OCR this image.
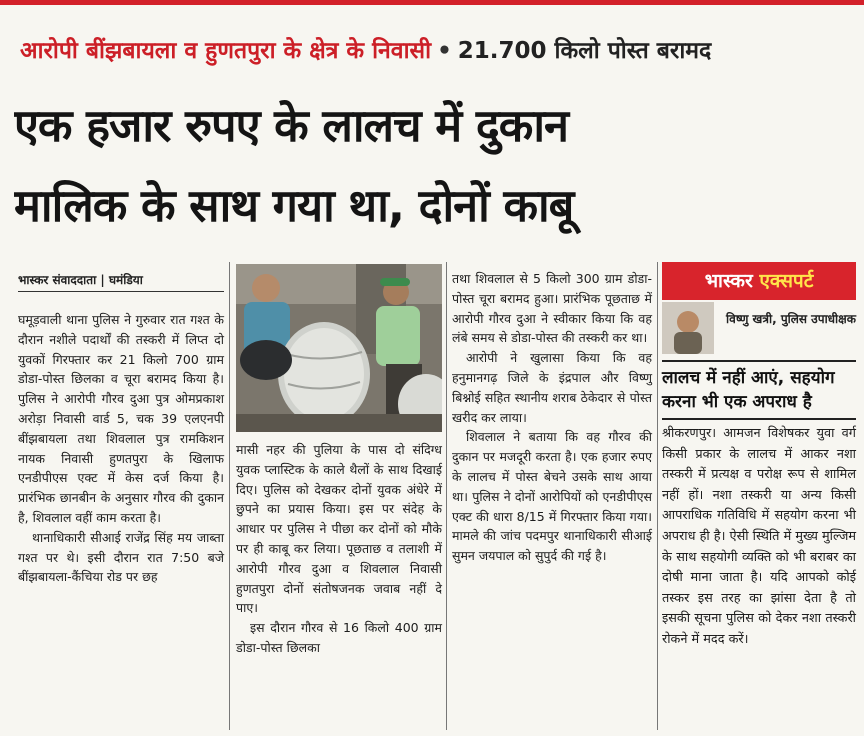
आरोपी बींझबायला व हुणतपुरा के क्षेत्र के निवासी • 21.700 किलो पोस्त बरामद
एक हजार रुपए के लालच में दुकान
मालिक के साथ गया था, दोनों काबू
भास्कर संवाददाता | घमंडिया

घमूड़वाली थाना पुलिस ने गुरुवार रात गश्त के दौरान नशीले पदार्थों की तस्करी में लिप्त दो युवकों गिरफ्तार कर 21 किलो 700 ग्राम डोडा-पोस्त छिलका व चूरा बरामद किया है। पुलिस ने आरोपी गौरव दुआ पुत्र ओमप्रकाश अरोड़ा निवासी वार्ड 5, चक 39 एलएनपी बींझबायला तथा शिवलाल पुत्र रामकिशन नायक निवासी हुणतपुरा के खिलाफ एनडीपीएस एक्ट में केस दर्ज किया है। प्रारंभिक छानबीन के अनुसार गौरव की दुकान है, शिवलाल वहीं काम करता है।

थानाधिकारी सीआई राजेंद्र सिंह मय जाब्ता गश्त पर थे। इसी दौरान रात 7:50 बजे बींझबायला-कैंचिया रोड पर छह

मासी नहर की पुलिया के पास दो संदिग्ध युवक प्लास्टिक के काले थैलों के साथ दिखाई दिए। पुलिस को देखकर दोनों युवक अंधेरे में छुपने का प्रयास किया। इस पर संदेह के आधार पर पुलिस ने पीछा कर दोनों को मौके पर ही काबू कर लिया। पूछताछ व तलाशी में आरोपी गौरव दुआ व शिवलाल निवासी हुणतपुरा दोनों संतोषजनक जवाब नहीं दे पाए।

इस दौरान गौरव से 16 किलो 400 ग्राम डोडा-पोस्त छिलका

तथा शिवलाल से 5 किलो 300 ग्राम डोडा-पोस्त चूरा बरामद हुआ। प्रारंभिक पूछताछ में आरोपी गौरव दुआ ने स्वीकार किया कि वह लंबे समय से डोडा-पोस्त की तस्करी कर था।

आरोपी ने खुलासा किया कि वह हनुमानगढ़ जिले के इंद्रपाल और विष्णु बिश्नोई सहित स्थानीय शराब ठेकेदार से पोस्त खरीद कर लाया।

शिवलाल ने बताया कि वह गौरव की दुकान पर मजदूरी करता है। एक हजार रुपए के लालच में पोस्त बेचने उसके साथ आया था। पुलिस ने दोनों आरोपियों को एनडीपीएस एक्ट की धारा 8/15 में गिरफ्तार किया गया। मामले की जांच पदमपुर थानाधिकारी सीआई सुमन जयपाल को सुपुर्द की गई है।

भास्कर एक्सपर्ट
विष्णु खत्री, पुलिस उपाधीक्षक
लालच में नहीं आएं, सहयोग करना भी एक अपराध है

श्रीकरणपुर। आमजन विशेषकर युवा वर्ग किसी प्रकार के लालच में आकर नशा तस्करी में प्रत्यक्ष व परोक्ष रूप से शामिल नहीं हों। नशा तस्करी या अन्य किसी आपराधिक गतिविधि में सहयोग करना भी अपराध ही है। ऐसी स्थिति में मुख्य मुल्जिम के साथ सहयोगी व्यक्ति को भी बराबर का दोषी माना जाता है। यदि आपको कोई तस्कर इस तरह का झांसा देता है तो इसकी सूचना पुलिस को देकर नशा तस्करी रोकने में मदद करें।
